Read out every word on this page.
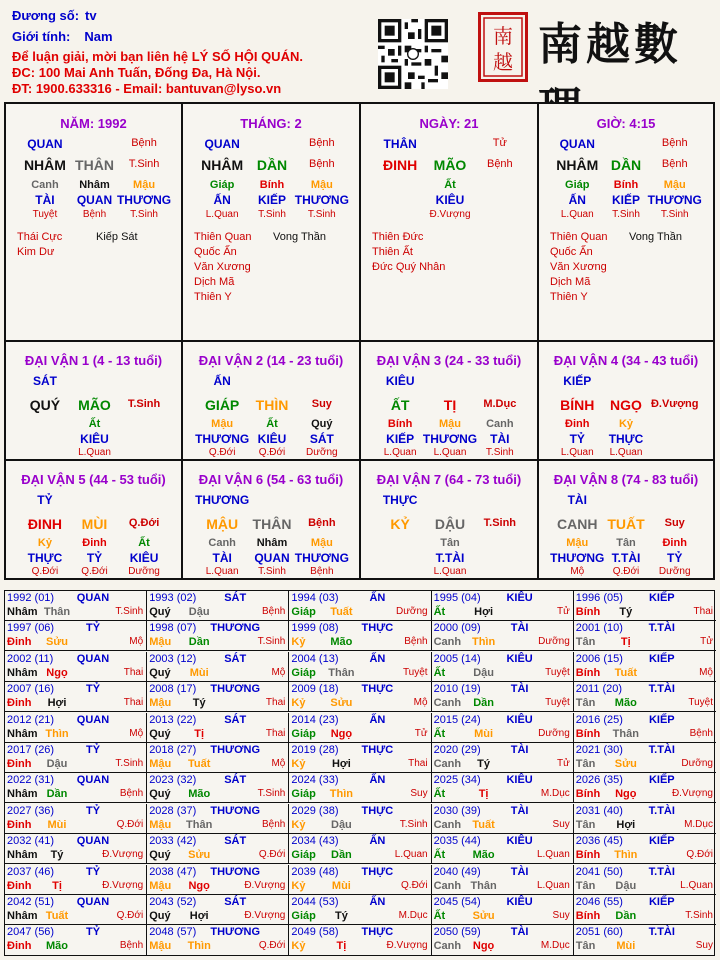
Đương số: tv
Giới tính: Nam
Để luận giải, mời bạn liên hệ LÝ SỐ HỘI QUÁN.
ĐC: 100 Mai Anh Tuấn, Đống Đa, Hà Nội.
ĐT: 1900.633316 - Email: bantuvan@lyso.vn
南
越 南越數
NĂM: 1992
QUAN	Bệnh
NHÂM THÂN T.Sinh
Canh Nhâm Mậu
TÀI QUAN THƯƠNG
Tuyệt	Bệnh T.Sinh
Thái Cực
Kim Dư
Kiếp Sát
THÁNG: 2
QUAN	Bệnh
NHÂM DẦN Bệnh
Giáp Bính Mậu
ẤN KIẾP THƯƠNG
L.Quan T.Sinh T.Sinh
Thiên Quan
Quốc Ấn
Văn Xương
Dịch Mã
Thiên Y
Vong Thần
NGÀY: 21
THÂN	Tử
ĐINH MÃO Bệnh
Ất
KIÊU
Đ.Vượng
Thiên Đức
Thiên Ất
Đức Quý Nhân
GIỜ: 4:15
QUAN	Bệnh
NHÂM DẦN Bệnh
Giáp Bính Mậu
ẤN KIẾP THƯƠNG
L.Quan T.Sinh T.Sinh
Thiên Quan
Quốc Ấn
Văn Xương
Dịch Mã
Thiên Y
Vong Thần
ĐẠI VẬN 1 (4 - 13 tuổi)
SÁT
QUÝ MÃO T.Sinh
Ất
KIÊU
L.Quan
ĐẠI VẬN 2 (14 - 23 tuổi)
ẤN
GIÁP THÌN Suy
Mậu	Ất	Quý
THƯƠNG KIÊU SÁT
Q.Đới Q.Đới Dưỡng
ĐẠI VẬN 3 (24 - 33 tuổi)
KIÊU
ẤT TỊ M.Dục
Bính Mậu Canh
KIẾP THƯƠNG TÀI
L.Quan L.Quan T.Sinh
ĐẠI VẬN 4 (34 - 43 tuổi)
KIẾP
BÍNH NGỌ Đ.Vượng
Đinh	Kỷ
TỶ THỰC
L.Quan L.Quan
ĐẠI VẬN 5 (44 - 53 tuổi)
TỶ
ĐINH MÙI Q.Đới
Kỷ	Đinh	Ất
THỰC TỶ KIÊU
Q.Đới Q.Đới Dưỡng
ĐẠI VẬN 6 (54 - 63 tuổi)
THƯƠNG
MẬU THÂN Bệnh
Canh Nhâm Mậu
TÀI QUAN THƯƠNG
L.Quan T.Sinh Bệnh
ĐẠI VẬN 7 (64 - 73 tuổi)
THỰC
KỶ DẬU T.Sinh
Tân
T.TÀI
L.Quan
ĐẠI VẬN 8 (74 - 83 tuổi)
TÀI
CANH TUẤT Suy
Mậu	Tân Đinh
THƯƠNG T.TÀI TỶ
Mộ	Q.Đới Dưỡng
1992 (01) QUAN
Nhâm Thân	T.Sinh
1993 (02)	SÁT
Quý Dậu	Bệnh
1994 (03)	ẤN
Giáp Tuất	Dưỡng
1995 (04) KIÊU
Ất	Hợi	Tử
1996 (05) KIẾP
Bính Tý	Thai
1997 (06)	TỶ
Đinh Sửu	Mộ
1998 (07) THƯƠNG
Mậu Dần	T.Sinh
1999 (08) THỰC
Kỷ Mão	Bệnh
2000 (09)	TÀI
Canh Thìn	Dưỡng
2001 (10) T.TÀI
Tân Tị	Tử
2002 (11) QUAN
Nhâm Ngọ	Thai
2003 (12)	SÁT
Quý Mùi	Mộ
2004 (13)	ẤN
Giáp Thân	Tuyệt
2005 (14) KIÊU
Ất	Dậu	Tuyệt
2006 (15) KIẾP
Bính Tuất	Mộ
2007 (16)	TỶ
Đinh Hợi	Thai
2008 (17) THƯƠNG
Mậu Tý	Thai
2009 (18) THỰC
Kỷ Sửu	Mộ
2010 (19)	TÀI
Canh Dần	Tuyệt
2011 (20) T.TÀI
Tân Mão	Tuyệt
2012 (21) QUAN
Nhâm Thìn	Mộ
2013 (22)	SÁT
Quý Tị	Thai
2014 (23)	ẤN
Giáp Ngọ	Tử
2015 (24) KIÊU
Ất	Mùi	Dưỡng
2016 (25) KIẾP
Bính Thân	Bệnh
2017 (26)	TỶ
Đinh Dậu	T.Sinh
2018 (27) THƯƠNG
Mậu Tuất	Mộ
2019 (28) THỰC
Kỷ Hợi	Thai
2020 (29)	TÀI
Canh Tý	Tử
2021 (30) T.TÀI
Tân Sửu	Dưỡng
2022 (31) QUAN
Nhâm Dần	Bệnh
2023 (32)	SÁT
Quý Mão	T.Sinh
2024 (33)	ẤN
Giáp Thìn	Suy
2025 (34) KIÊU
Ất	Tị	M.Dục
2026 (35) KIẾP
Bính Ngọ	Đ.Vượng
2027 (36)	TỶ
Đinh Mùi	Q.Đới
2028 (37) THƯƠNG
Mậu Thân	Bệnh
2029 (38) THỰC
Kỷ Dậu	T.Sinh
2030 (39)	TÀI
Canh Tuất	Suy
2031 (40) T.TÀI
Tân Hợi	M.Dục
2032 (41) QUAN
Nhâm Tý	Đ.Vượng
2033 (42)	SÁT
Quý Sửu	Q.Đới
2034 (43)	ẤN
Giáp Dần	L.Quan
2035 (44) KIÊU
Ất Mão	L.Quan
2036 (45) KIẾP
Bính Thìn	Q.Đới
2037 (46)	TỶ
Đinh Tị	Đ.Vượng
2038 (47) THƯƠNG
Mậu Ngọ	Đ.Vượng
2039 (48) THỰC
Kỷ Mùi	Q.Đới
2040 (49)	TÀI
Canh Thân	L.Quan
2041 (50) T.TÀI
Tân Dậu	L.Quan
2042 (51) QUAN
Nhâm Tuất	Q.Đới
2043 (52)	SÁT
Quý Hợi	Đ.Vượng
2044 (53)	ẤN
Giáp Tý	M.Dục
2045 (54) KIÊU
Ất Sửu	Suy
2046 (55) KIẾP
Bính Dần	T.Sinh
2047 (56)	TỶ
Đinh Mão	Bệnh
2048 (57) THƯƠNG
Mậu Thìn	Q.Đới
2049 (58) THỰC
Kỷ	Tị	Đ.Vượng
2050 (59)	TÀI
Canh Ngọ	M.Dục
2051 (60) T.TÀI
Tân Mùi	Suy
